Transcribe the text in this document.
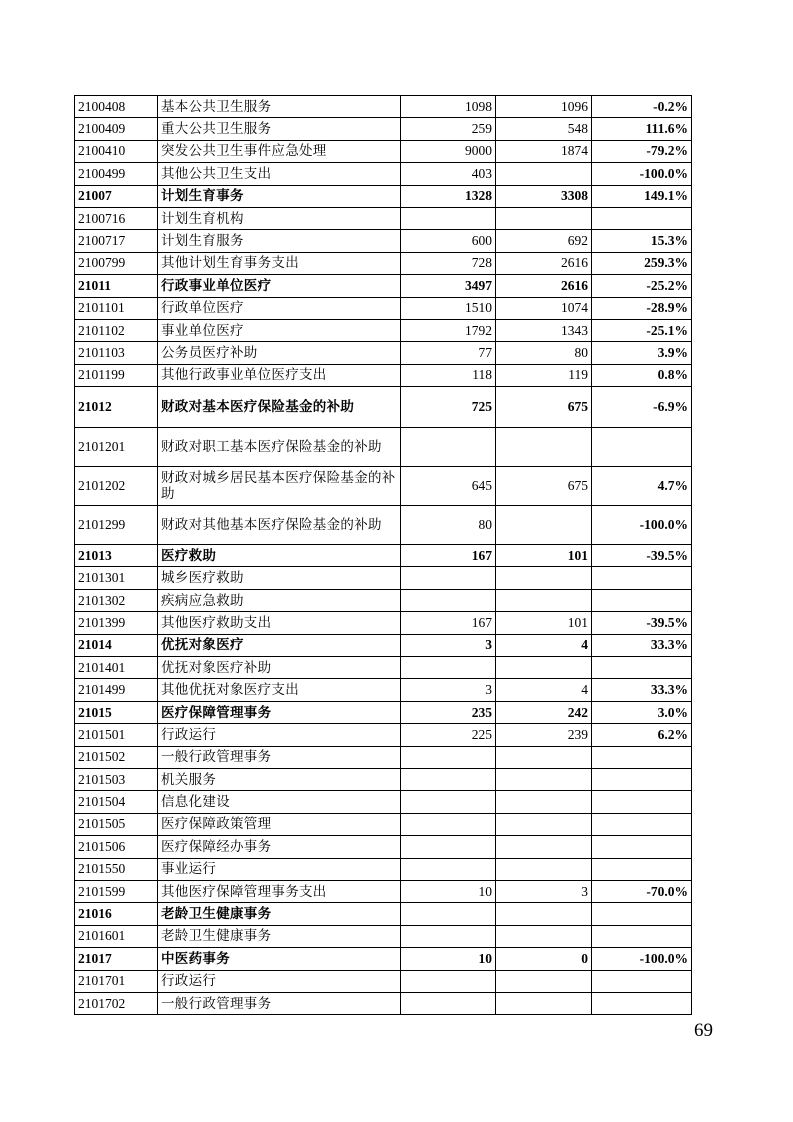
2100408	基本公共卫生服务	1098	1096	-0.2%
2100409	重大公共卫生服务	259	548	111.6%
2100410	突发公共卫生事件应急处理	9000	1874	-79.2%
2100499	其他公共卫生支出	403		-100.0%
21007	计划生育事务	1328	3308	149.1%
2100716	计划生育机构			
2100717	计划生育服务	600	692	15.3%
2100799	其他计划生育事务支出	728	2616	259.3%
21011	行政事业单位医疗	3497	2616	-25.2%
2101101	行政单位医疗	1510	1074	-28.9%
2101102	事业单位医疗	1792	1343	-25.1%
2101103	公务员医疗补助	77	80	3.9%
2101199	其他行政事业单位医疗支出	118	119	0.8%
21012	财政对基本医疗保险基金的补助	725	675	-6.9%
2101201	财政对职工基本医疗保险基金的补助			
2101202	财政对城乡居民基本医疗保险基金的补助	645	675	4.7%
2101299	财政对其他基本医疗保险基金的补助	80		-100.0%
21013	医疗救助	167	101	-39.5%
2101301	城乡医疗救助			
2101302	疾病应急救助			
2101399	其他医疗救助支出	167	101	-39.5%
21014	优抚对象医疗	3	4	33.3%
2101401	优抚对象医疗补助			
2101499	其他优抚对象医疗支出	3	4	33.3%
21015	医疗保障管理事务	235	242	3.0%
2101501	行政运行	225	239	6.2%
2101502	一般行政管理事务			
2101503	机关服务			
2101504	信息化建设			
2101505	医疗保障政策管理			
2101506	医疗保障经办事务			
2101550	事业运行			
2101599	其他医疗保障管理事务支出	10	3	-70.0%
21016	老龄卫生健康事务			
2101601	老龄卫生健康事务			
21017	中医药事务	10	0	-100.0%
2101701	行政运行			
2101702	一般行政管理事务			
69
